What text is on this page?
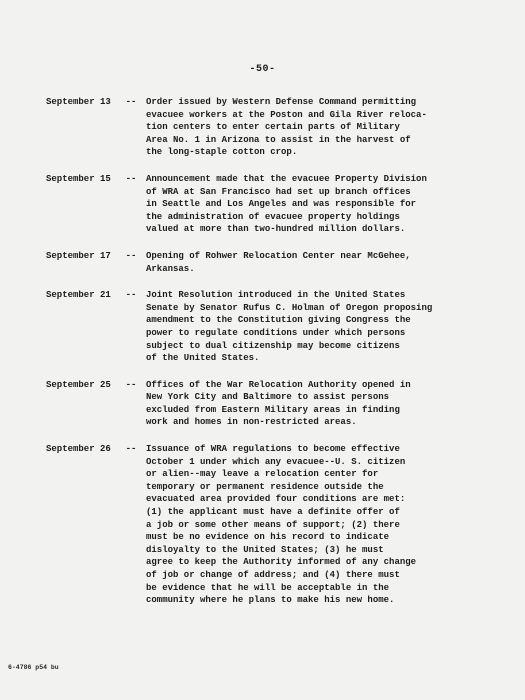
-50-
September 13	--	Order issued by Western Defense Command permitting
evacuee workers at the Poston and Gila River reloca-
tion centers to enter certain parts of Military
Area No. 1 in Arizona to assist in the harvest of
the long-staple cotton crop.
September 15	--	Announcement made that the evacuee Property Division
of WRA at San Francisco had set up branch offices
in Seattle and Los Angeles and was responsible for
the administration of evacuee property holdings
valued at more than two-hundred million dollars.
September 17	--	Opening of Rohwer Relocation Center near McGehee,
Arkansas.
September 21	--	Joint Resolution introduced in the United States
Senate by Senator Rufus C. Holman of Oregon proposing
amendment to the Constitution giving Congress the
power to regulate conditions under which persons
subject to dual citizenship may become citizens
of the United States.
September 25	--	Offices of the War Relocation Authority opened in
New York City and Baltimore to assist persons
excluded from Eastern Military areas in finding
work and homes in non-restricted areas.
September 26	--	Issuance of WRA regulations to become effective
October 1 under which any evacuee--U. S. citizen
or alien--may leave a relocation center for
temporary or permanent residence outside the
evacuated area provided four conditions are met:
(1) the applicant must have a definite offer of
a job or some other means of support; (2) there
must be no evidence on his record to indicate
disloyalty to the United States; (3) he must
agree to keep the Authority informed of any change
of job or change of address; and (4) there must
be evidence that he will be acceptable in the
community where he plans to make his new home.
6-4786 p54 bu
